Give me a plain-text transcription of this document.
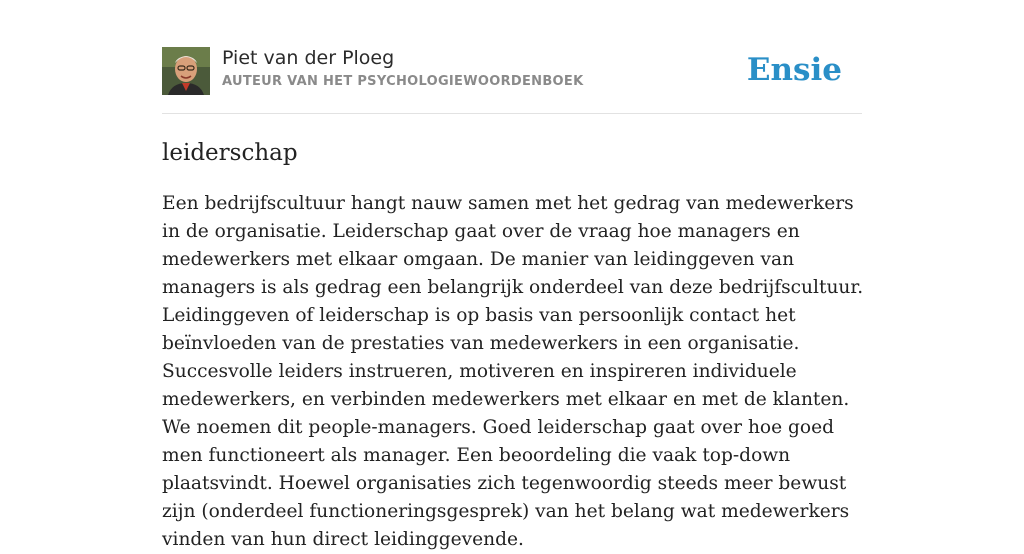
Piet van der Ploeg
AUTEUR VAN HET PSYCHOLOGIEWOORDENBOEK	Ensie
leiderschap

Een bedrijfscultuur hangt nauw samen met het gedrag van medewerkers in de organisatie. Leiderschap gaat over de vraag hoe managers en medewerkers met elkaar omgaan. De manier van leidinggeven van managers is als gedrag een belangrijk onderdeel van deze bedrijfscultuur. Leidinggeven of leiderschap is op basis van persoonlijk contact het beïnvloeden van de prestaties van medewerkers in een organisatie. Succesvolle leiders instrueren, motiveren en inspireren individuele medewerkers, en verbinden medewerkers met elkaar en met de klanten. We noemen dit people-managers. Goed leiderschap gaat over hoe goed men functioneert als manager. Een beoordeling die vaak top-down plaatsvindt. Hoewel organisaties zich tegenwoordig steeds meer bewust zijn (onderdeel functioneringsgesprek) van het belang wat medewerkers vinden van hun direct leidinggevende.
